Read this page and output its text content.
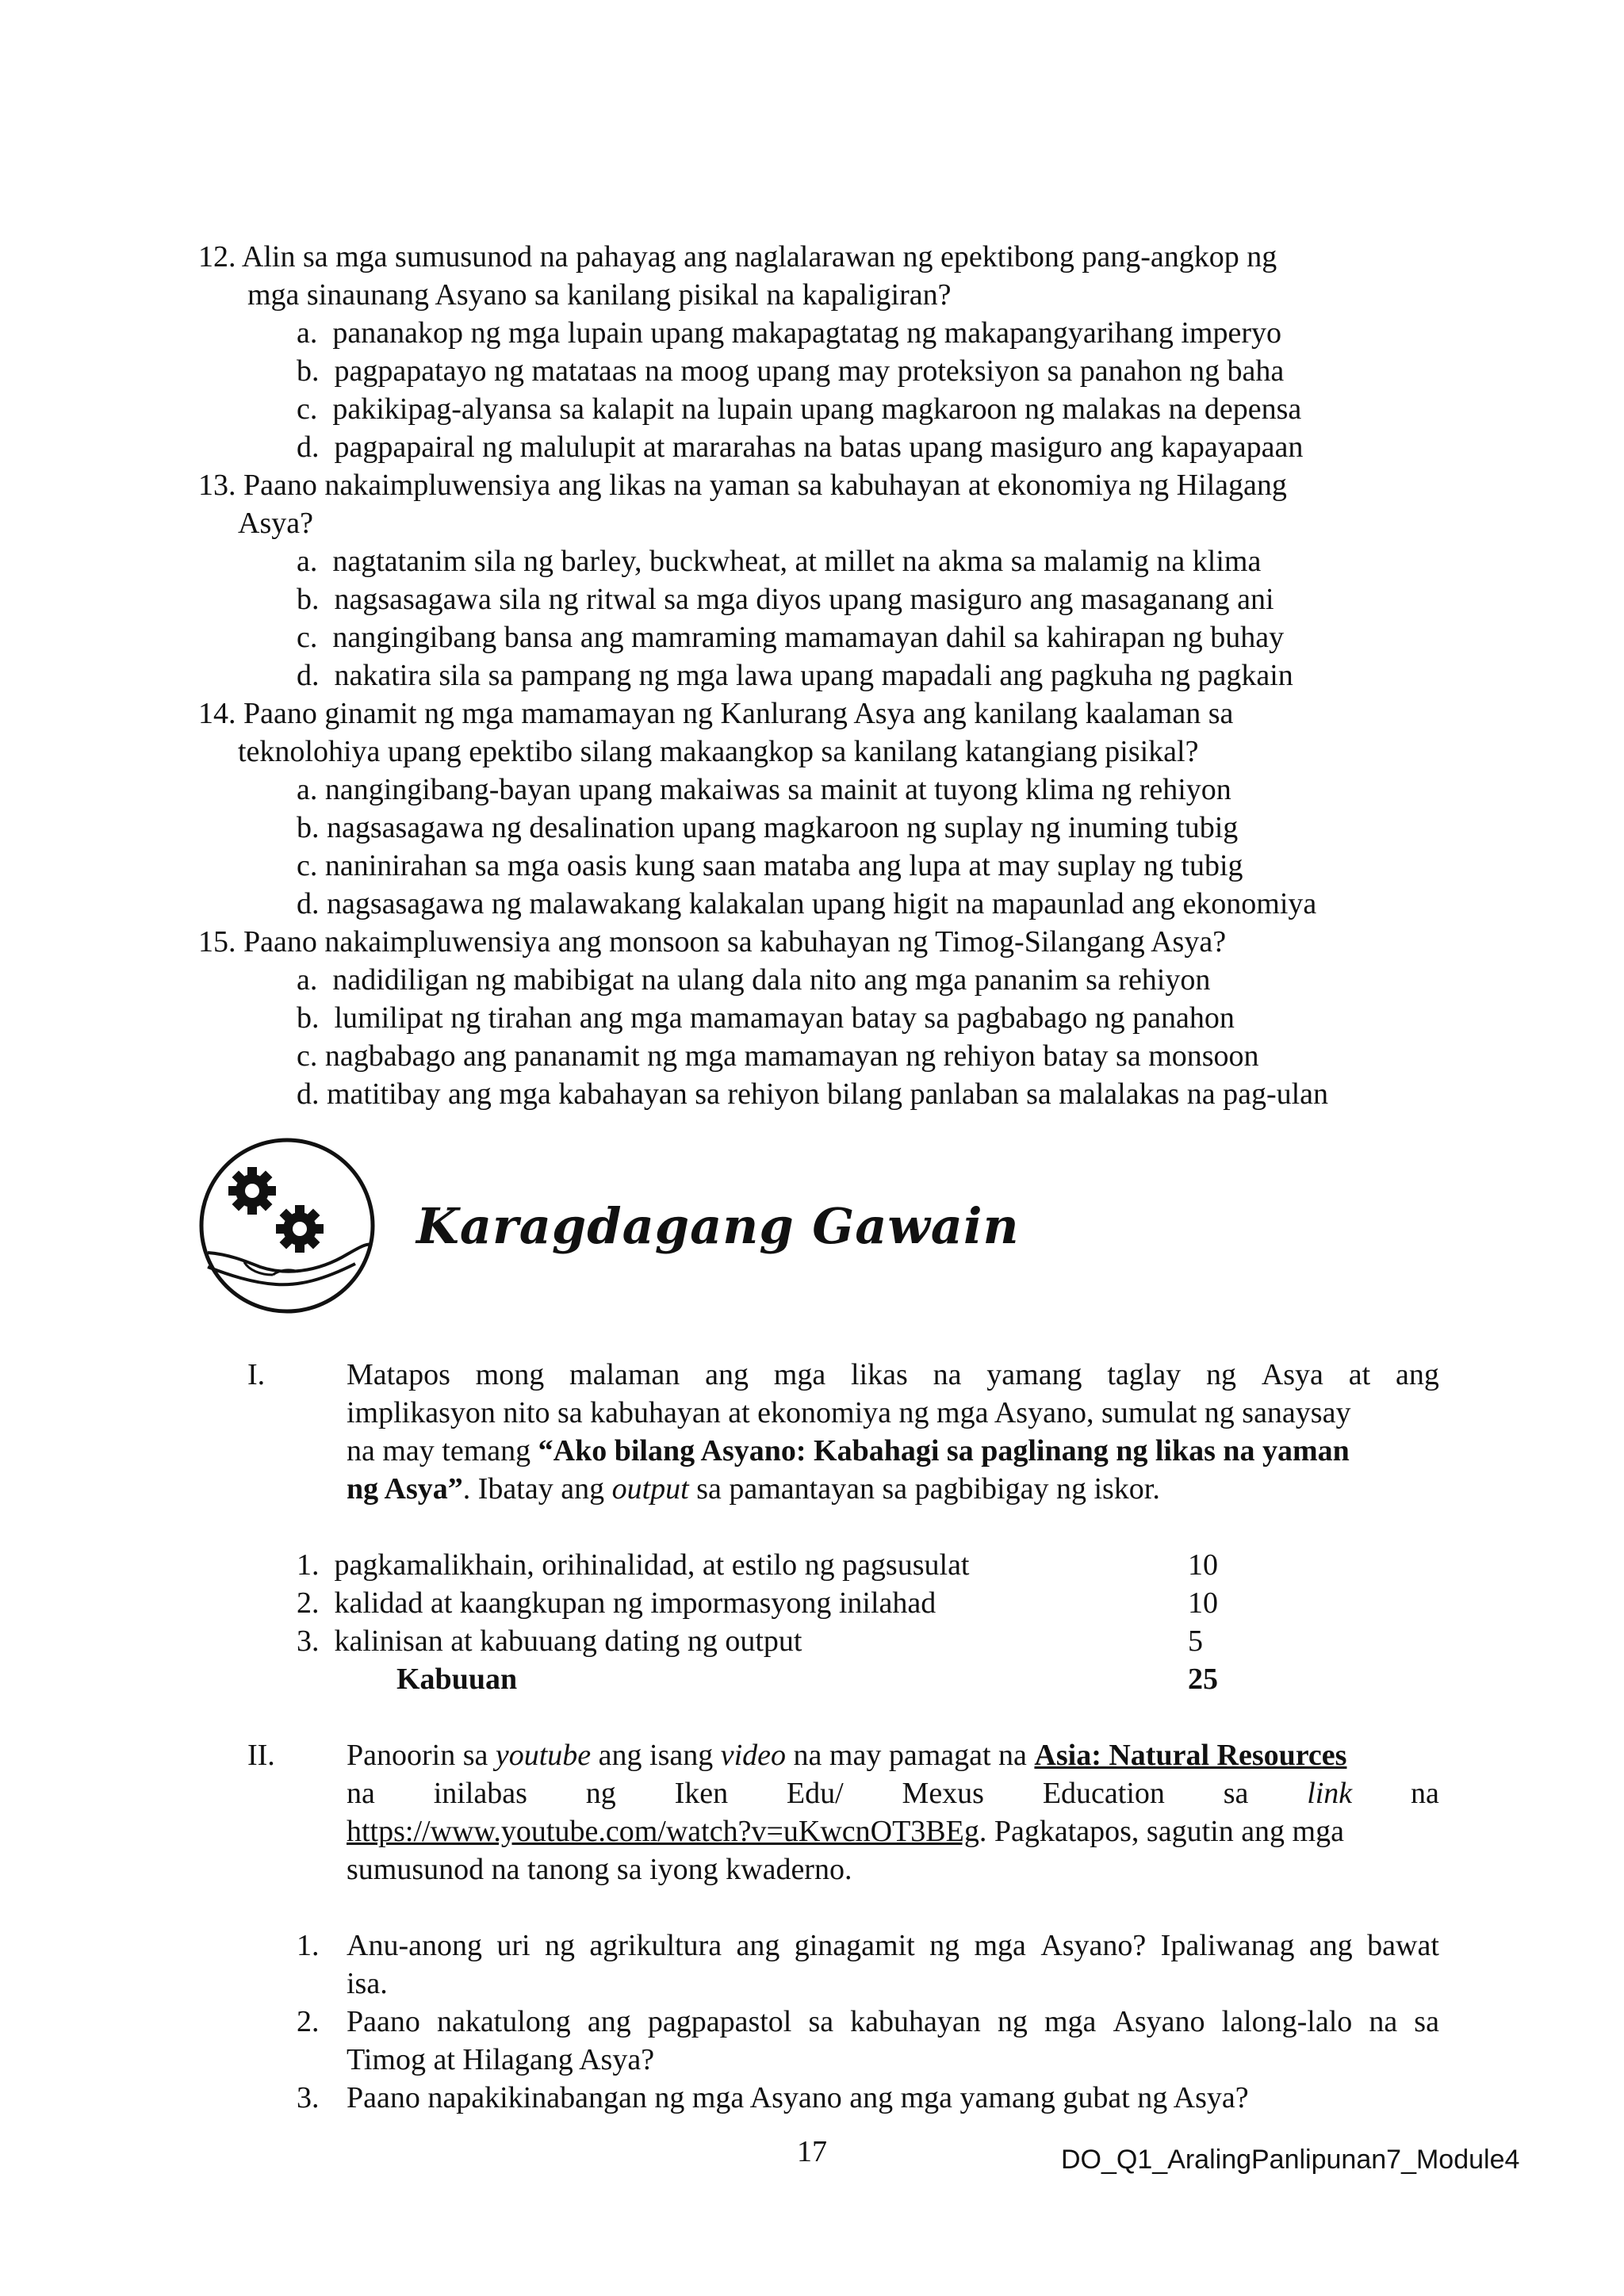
12. Alin sa mga sumusunod na pahayag ang naglalarawan ng epektibong pang-angkop ng
mga sinaunang Asyano sa kanilang pisikal na kapaligiran?
a. pananakop ng mga lupain upang makapagtatag ng makapangyarihang imperyo
b. pagpapatayo ng matataas na moog upang may proteksiyon sa panahon ng baha
c. pakikipag-alyansa sa kalapit na lupain upang magkaroon ng malakas na depensa
d. pagpapairal ng malulupit at mararahas na batas upang masiguro ang kapayapaan
13. Paano nakaimpluwensiya ang likas na yaman sa kabuhayan at ekonomiya ng Hilagang
Asya?
a. nagtatanim sila ng barley, buckwheat, at millet na akma sa malamig na klima
b. nagsasagawa sila ng ritwal sa mga diyos upang masiguro ang masaganang ani
c. nangingibang bansa ang mamraming mamamayan dahil sa kahirapan ng buhay
d. nakatira sila sa pampang ng mga lawa upang mapadali ang pagkuha ng pagkain
14. Paano ginamit ng mga mamamayan ng Kanlurang Asya ang kanilang kaalaman sa
teknolohiya upang epektibo silang makaangkop sa kanilang katangiang pisikal?
a. nangingibang-bayan upang makaiwas sa mainit at tuyong klima ng rehiyon
b. nagsasagawa ng desalination upang magkaroon ng suplay ng inuming tubig
c. naninirahan sa mga oasis kung saan mataba ang lupa at may suplay ng tubig
d. nagsasagawa ng malawakang kalakalan upang higit na mapaunlad ang ekonomiya
15. Paano nakaimpluwensiya ang monsoon sa kabuhayan ng Timog-Silangang Asya?
a. nadidiligan ng mabibigat na ulang dala nito ang mga pananim sa rehiyon
b. lumilipat ng tirahan ang mga mamamayan batay sa pagbabago ng panahon
c. nagbabago ang pananamit ng mga mamamayan ng rehiyon batay sa monsoon
d. matitibay ang mga kabahayan sa rehiyon bilang panlaban sa malalakas na pag-ulan
Karagdagang Gawain
I.	Matapos mong malaman ang mga likas na yamang taglay ng Asya at ang
implikasyon nito sa kabuhayan at ekonomiya ng mga Asyano, sumulat ng sanaysay
na may temang “Ako bilang Asyano: Kabahagi sa paglinang ng likas na yaman
ng Asya”. Ibatay ang output sa pamantayan sa pagbibigay ng iskor.
1. pagkamalikhain, orihinalidad, at estilo ng pagsusulat	10
2. kalidad at kaangkupan ng impormasyong inilahad	10
3. kalinisan at kabuuang dating ng output	5
Kabuuan	25
II. Panoorin sa youtube ang isang video na may pamagat na Asia: Natural Resources
na inilabas ng Iken Edu/ Mexus Education sa link na
https://www.youtube.com/watch?v=uKwcnOT3BEg. Pagkatapos, sagutin ang mga
sumusunod na tanong sa iyong kwaderno.
1. Anu-anong uri ng agrikultura ang ginagamit ng mga Asyano? Ipaliwanag ang bawat
isa.
2. Paano nakatulong ang pagpapastol sa kabuhayan ng mga Asyano lalong-lalo na sa
Timog at Hilagang Asya?
3. Paano napakikinabangan ng mga Asyano ang mga yamang gubat ng Asya?
17	DO_Q1_AralingPanlipunan7_Module4
